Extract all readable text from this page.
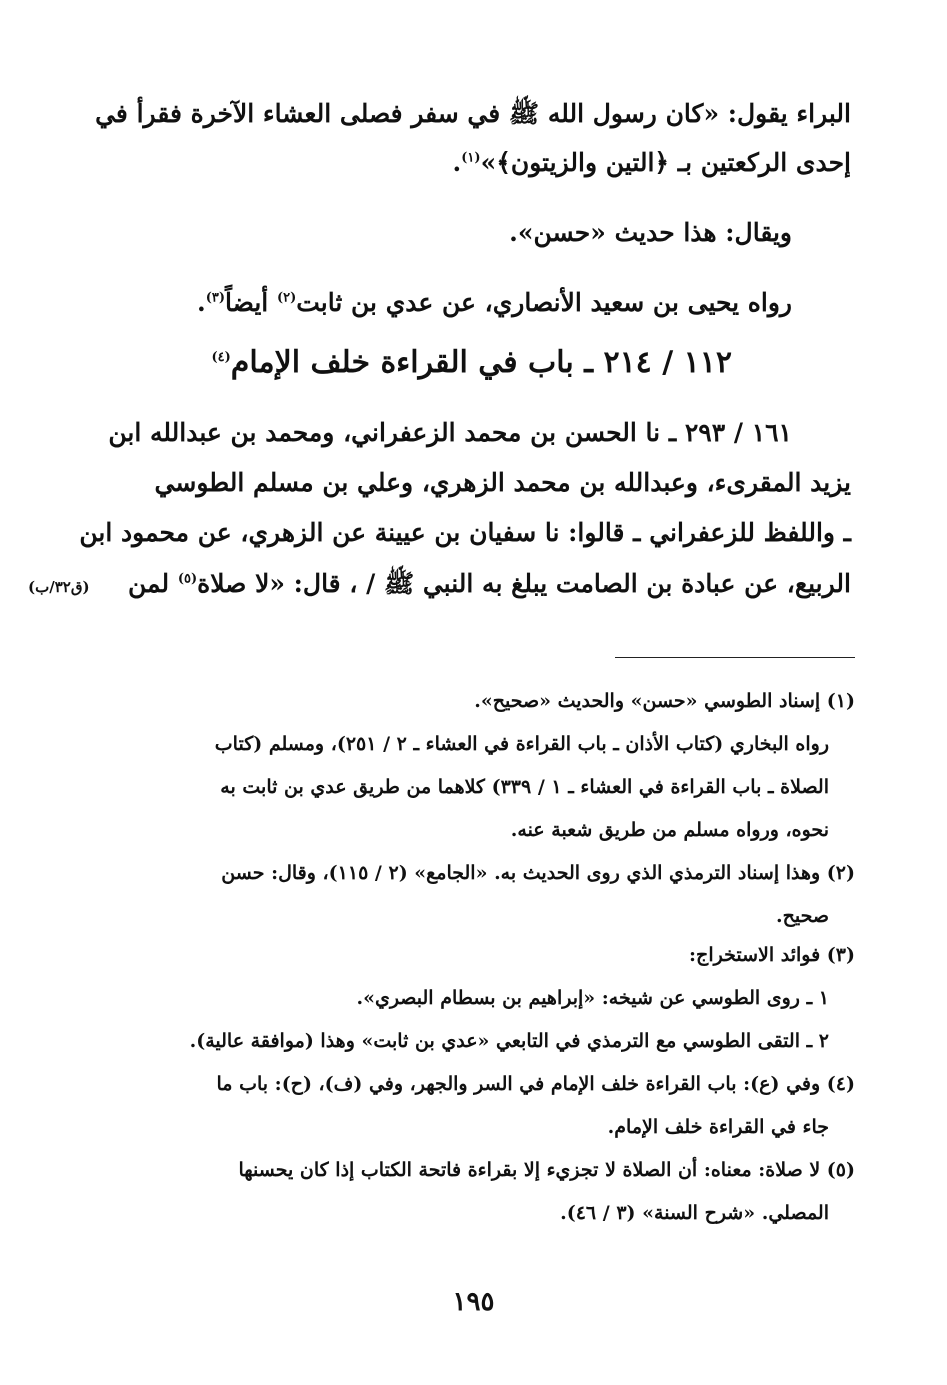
البراء يقول: «كان رسول الله ﷺ في سفر فصلى العشاء الآخرة فقرأ في
إحدى الركعتين بـ ﴿التين والزيتون﴾»$^{(١)}$.
ويقال: هذا حديث «حسن».
رواه يحيى بن سعيد الأنصاري، عن عدي بن ثابت$^{(٢)}$ أيضاً$^{(٣)}$.
١١٢ / ٢١٤ ـ باب في القراءة خلف الإمام$^{(٤)}$
١٦١ / ٢٩٣ ـ نا الحسن بن محمد الزعفراني، ومحمد بن عبدالله ابن
يزيد المقرىء، وعبدالله بن محمد الزهري، وعلي بن مسلم الطوسي
ـ واللفظ للزعفراني ـ قالوا: نا سفيان بن عيينة عن الزهري، عن محمود ابن
الربيع، عن عبادة بن الصامت يبلغ به النبي ﷺ / ، قال: «لا صلاة$^{(٥)}$ لمن
(ق٣٢/ب)
(١) إسناد الطوسي «حسن» والحديث «صحيح».
رواه البخاري (كتاب الأذان ـ باب القراءة في العشاء ـ ٢ / ٢٥١)، ومسلم (كتاب
الصلاة ـ باب القراءة في العشاء ـ ١ / ٣٣٩) كلاهما من طريق عدي بن ثابت به
نحوه، ورواه مسلم من طريق شعبة عنه.
(٢) وهذا إسناد الترمذي الذي روى الحديث به. «الجامع» (٢ / ١١٥)، وقال: حسن
صحيح.
(٣) فوائد الاستخراج:
١ ـ روى الطوسي عن شيخه: «إبراهيم بن بسطام البصري».
٢ ـ التقى الطوسي مع الترمذي في التابعي «عدي بن ثابت» وهذا (موافقة عالية).
(٤) وفي (ع): باب القراءة خلف الإمام في السر والجهر، وفي (ف)، (ح): باب ما
جاء في القراءة خلف الإمام.
(٥) لا صلاة: معناه: أن الصلاة لا تجزيء إلا بقراءة فاتحة الكتاب إذا كان يحسنها
المصلي. «شرح السنة» (٣ / ٤٦).
١٩٥
